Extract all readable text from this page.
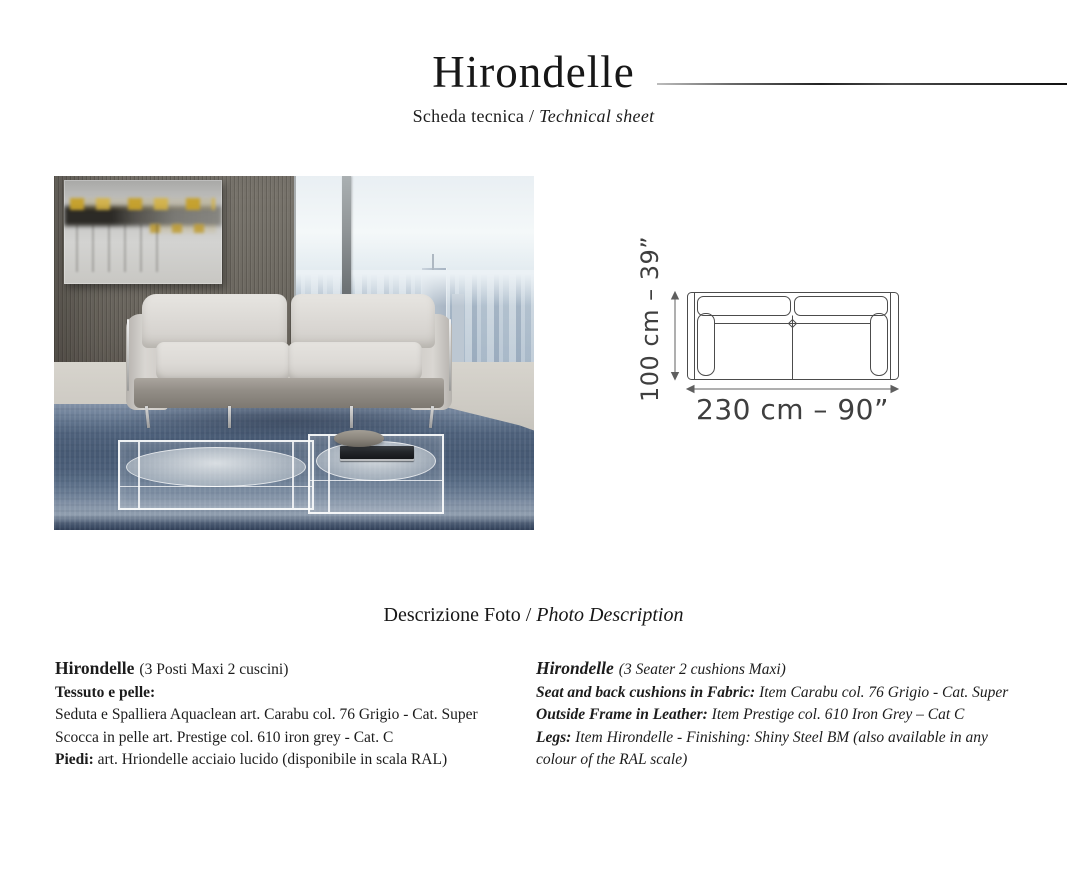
Hirondelle
Scheda tecnica / Technical sheet
100 cm – 39”
230 cm – 90”
Descrizione Foto / Photo Description

Hirondelle (3 Posti Maxi 2 cuscini)

Tessuto e pelle:

Seduta e Spalliera Aquaclean art. Carabu col. 76 Grigio - Cat. Super

Scocca in pelle art. Prestige col. 610 iron grey - Cat. C

Piedi: art. Hriondelle acciaio lucido (disponibile in scala RAL)

Hirondelle (3 Seater 2 cushions Maxi)

Seat and back cushions in Fabric: Item Carabu col. 76 Grigio - Cat. Super

Outside Frame in Leather: Item Prestige col. 610 Iron Grey – Cat C

Legs: Item Hirondelle - Finishing: Shiny Steel BM (also available in any colour of the RAL scale)
